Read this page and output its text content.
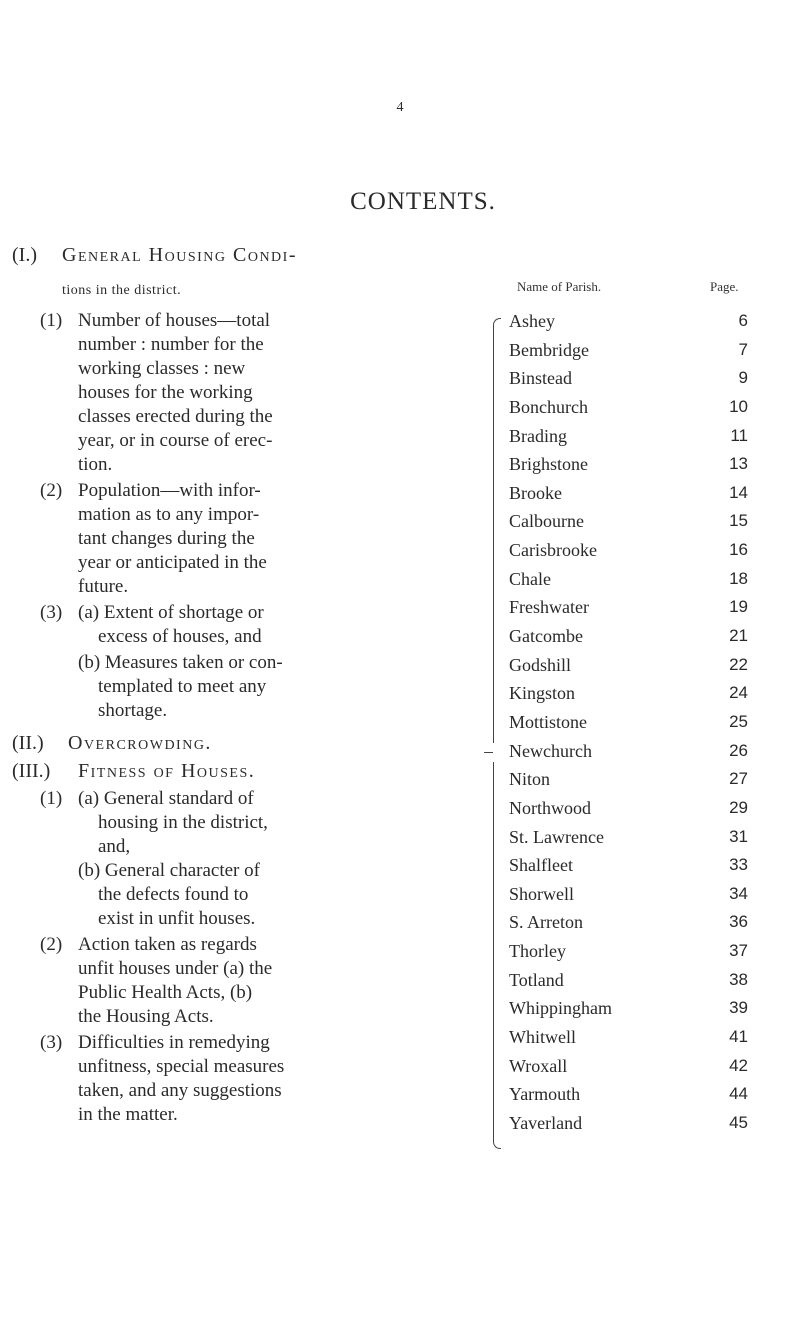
4
CONTENTS.
(I.) General Housing Condi-
tions in the district.
(1) Number of houses—total
number : number for the
working classes : new
houses for the working
classes erected during the
year, or in course of erec-
tion.
(2) Population—with infor-
mation as to any impor-
tant changes during the
year or anticipated in the
future.
(3) (a) Extent of shortage or
excess of houses, and
(b) Measures taken or con-
templated to meet any
shortage.
(II.) Overcrowding.
(III.) Fitness of Houses.
(1) (a) General standard of
housing in the district,
and,
(b) General character of
the defects found to
exist in unfit houses.
(2) Action taken as regards
unfit houses under (a) the
Public Health Acts, (b)
the Housing Acts.
(3) Difficulties in remedying
unfitness, special measures
taken, and any suggestions
in the matter.
Name of Parish.	Page.
Ashey	6
Bembridge	7
Binstead	9
Bonchurch	10
Brading	11
Brighstone	13
Brooke	14
Calbourne	15
Carisbrooke	16
Chale	18
Freshwater	19
Gatcombe	21
Godshill	22
Kingston	24
Mottistone	25
Newchurch	26
Niton	27
Northwood	29
St. Lawrence	31
Shalfleet	33
Shorwell	34
S. Arreton	36
Thorley	37
Totland	38
Whippingham	39
Whitwell	41
Wroxall	42
Yarmouth	44
Yaverland	45
